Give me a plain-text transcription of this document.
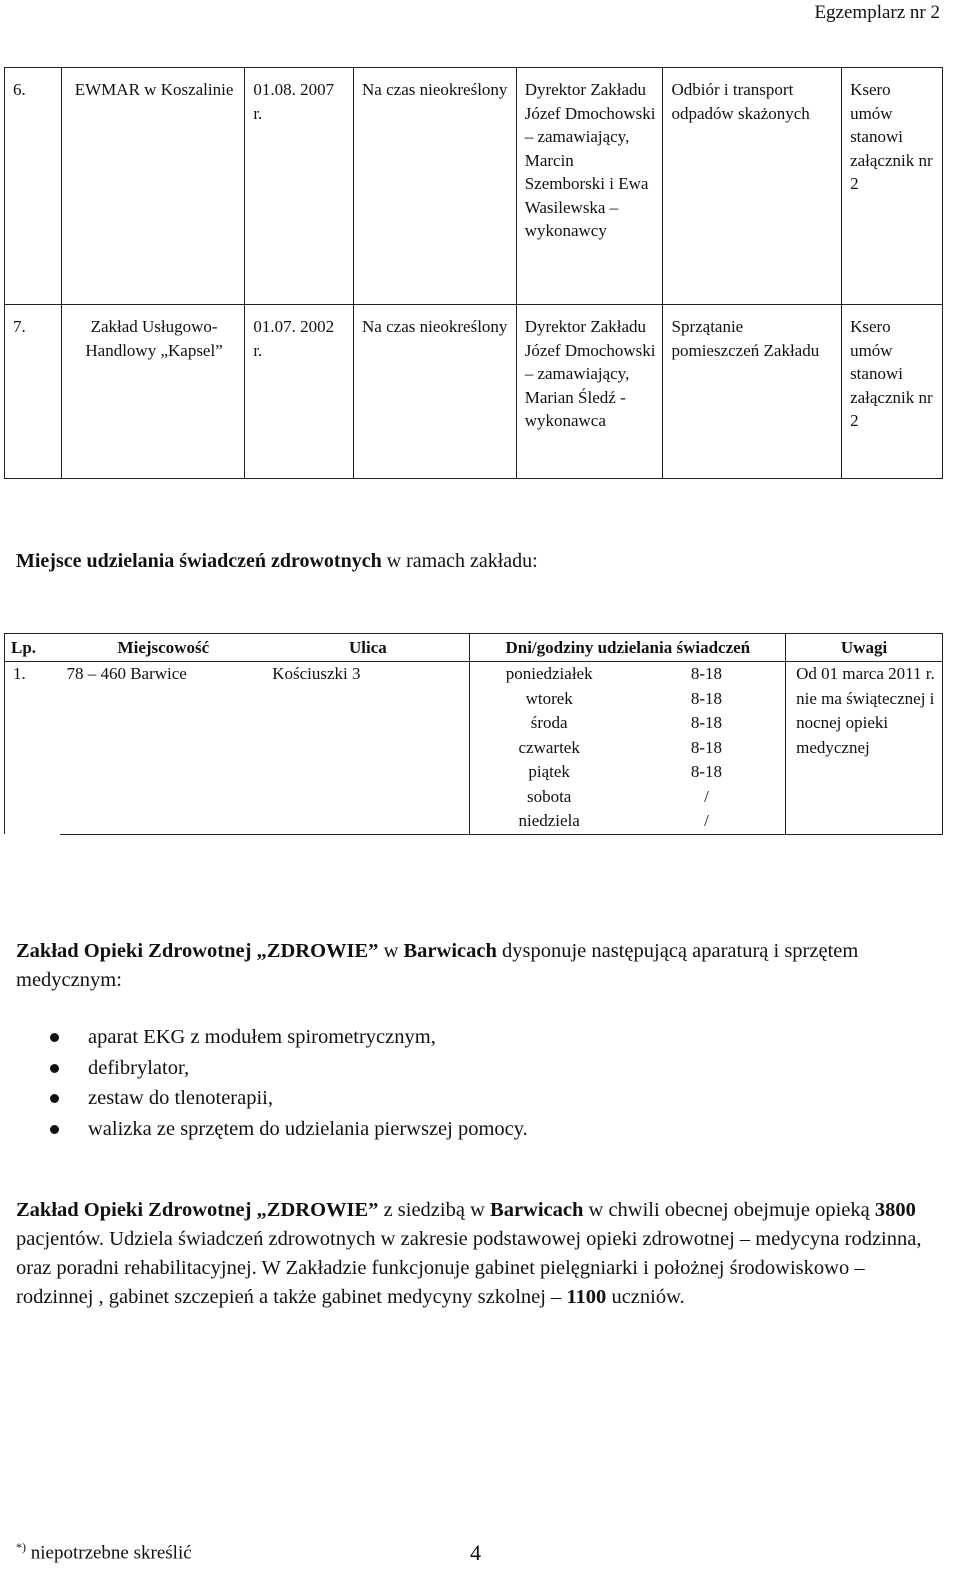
Egzemplarz nr 2
6.	EWMAR w Koszalinie	01.08. 2007 r.	Na czas nieokreślony	Dyrektor Zakładu Józef Dmochowski – zamawiający, Marcin Szemborski i Ewa Wasilewska – wykonawcy	Odbiór i transport odpadów skażonych	Ksero umów stanowi załącznik nr 2
7.	Zakład Usługowo-Handlowy „Kapsel”	01.07. 2002 r.	Na czas nieokreślony	Dyrektor Zakładu Józef Dmochowski – zamawiający, Marian Śledź - wykonawca	Sprzątanie pomieszczeń Zakładu	Ksero umów stanowi załącznik nr 2
Miejsce udzielania świadczeń zdrowotnych w ramach zakładu:
Lp.	Miejscowość	Ulica	Dni/godziny udzielania świadczeń		Uwagi
1.	78 – 460 Barwice	Kościuszki 3	poniedziałek	8-18	Od 01 marca 2011 r. nie ma świątecznej i nocnej opieki medycznej
			wtorek	8-18	
			środa	8-18	
			czwartek	8-18	
			piątek	8-18	
			sobota	/	
			niedziela	/	
Zakład Opieki Zdrowotnej „ZDROWIE” w Barwicach dysponuje następującą aparaturą i sprzętem medycznym:
aparat EKG z modułem spirometrycznym,
defibrylator,
zestaw do tlenoterapii,
walizka ze sprzętem do udzielania pierwszej pomocy.
Zakład Opieki Zdrowotnej „ZDROWIE” z siedzibą w Barwicach w chwili obecnej obejmuje opieką 3800 pacjentów. Udziela świadczeń zdrowotnych w zakresie podstawowej opieki zdrowotnej – medycyna rodzinna, oraz poradni rehabilitacyjnej. W Zakładzie funkcjonuje gabinet pielęgniarki i położnej środowiskowo – rodzinnej , gabinet szczepień a także gabinet medycyny szkolnej – 1100 uczniów.
*) niepotrzebne skreślić	4
